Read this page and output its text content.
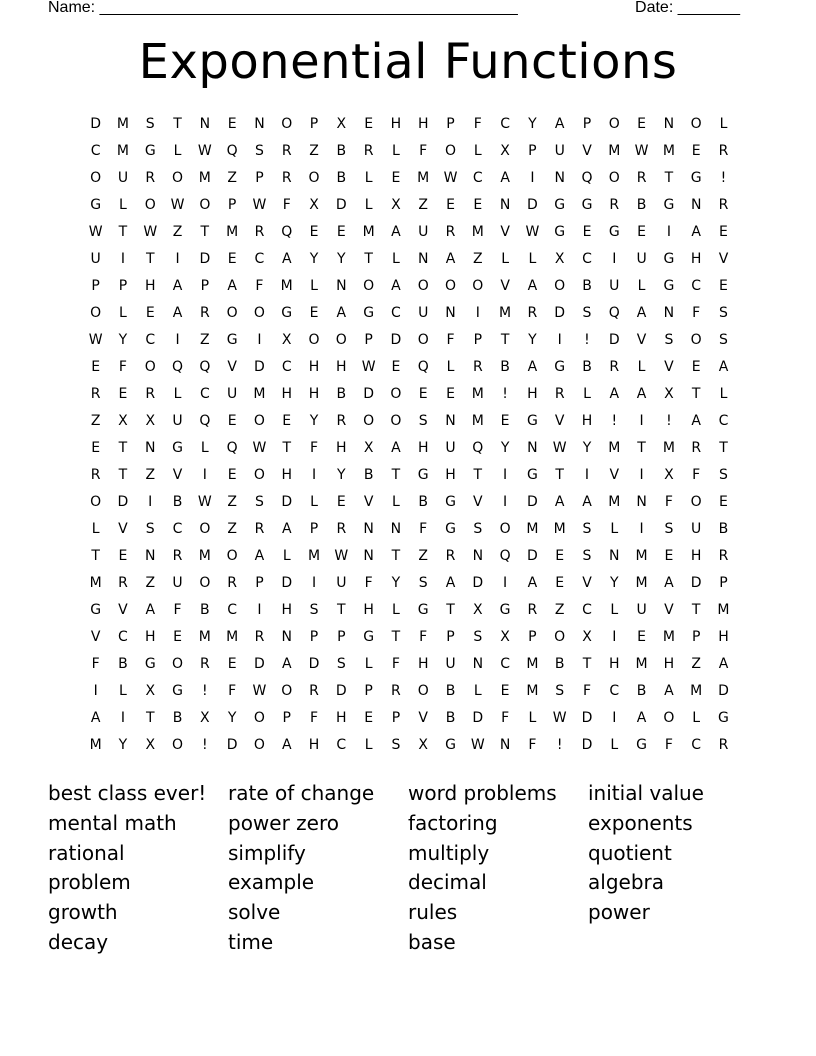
Name: _______________________________________________	Date: _______
Exponential Functions
D	M	S	T	N	E	N	O	P	X	E	H	H	P	F	C	Y	A	P	O	E	N	O	L
C	M	G	L	W	Q	S	R	Z	B	R	L	F	O	L	X	P	U	V	M	W	M	E	R
O	U	R	O	M	Z	P	R	O	B	L	E	M	W	C	A	I	N	Q	O	R	T	G	!
G	L	O	W	O	P	W	F	X	D	L	X	Z	E	E	N	D	G	G	R	B	G	N	R
W	T	W	Z	T	M	R	Q	E	E	M	A	U	R	M	V	W	G	E	G	E	I	A	E
U	I	T	I	D	E	C	A	Y	Y	T	L	N	A	Z	L	L	X	C	I	U	G	H	V
P	P	H	A	P	A	F	M	L	N	O	A	O	O	O	V	A	O	B	U	L	G	C	E
O	L	E	A	R	O	O	G	E	A	G	C	U	N	I	M	R	D	S	Q	A	N	F	S
W	Y	C	I	Z	G	I	X	O	O	P	D	O	F	P	T	Y	I	!	D	V	S	O	S
E	F	O	Q	Q	V	D	C	H	H	W	E	Q	L	R	B	A	G	B	R	L	V	E	A
R	E	R	L	C	U	M	H	H	B	D	O	E	E	M	!	H	R	L	A	A	X	T	L
Z	X	X	U	Q	E	O	E	Y	R	O	O	S	N	M	E	G	V	H	!	I	!	A	C
E	T	N	G	L	Q	W	T	F	H	X	A	H	U	Q	Y	N	W	Y	M	T	M	R	T
R	T	Z	V	I	E	O	H	I	Y	B	T	G	H	T	I	G	T	I	V	I	X	F	S
O	D	I	B	W	Z	S	D	L	E	V	L	B	G	V	I	D	A	A	M	N	F	O	E
L	V	S	C	O	Z	R	A	P	R	N	N	F	G	S	O	M	M	S	L	I	S	U	B
T	E	N	R	M	O	A	L	M	W	N	T	Z	R	N	Q	D	E	S	N	M	E	H	R
M	R	Z	U	O	R	P	D	I	U	F	Y	S	A	D	I	A	E	V	Y	M	A	D	P
G	V	A	F	B	C	I	H	S	T	H	L	G	T	X	G	R	Z	C	L	U	V	T	M
V	C	H	E	M	M	R	N	P	P	G	T	F	P	S	X	P	O	X	I	E	M	P	H
F	B	G	O	R	E	D	A	D	S	L	F	H	U	N	C	M	B	T	H	M	H	Z	A
I	L	X	G	!	F	W	O	R	D	P	R	O	B	L	E	M	S	F	C	B	A	M	D
A	I	T	B	X	Y	O	P	F	H	E	P	V	B	D	F	L	W	D	I	A	O	L	G
M	Y	X	O	!	D	O	A	H	C	L	S	X	G	W	N	F	!	D	L	G	F	C	R
best class ever!	rate of change	word problems	initial value
mental math	power zero	factoring	exponents
rational	simplify	multiply	quotient
problem	example	decimal	algebra
growth	solve	rules	power
decay	time	base
